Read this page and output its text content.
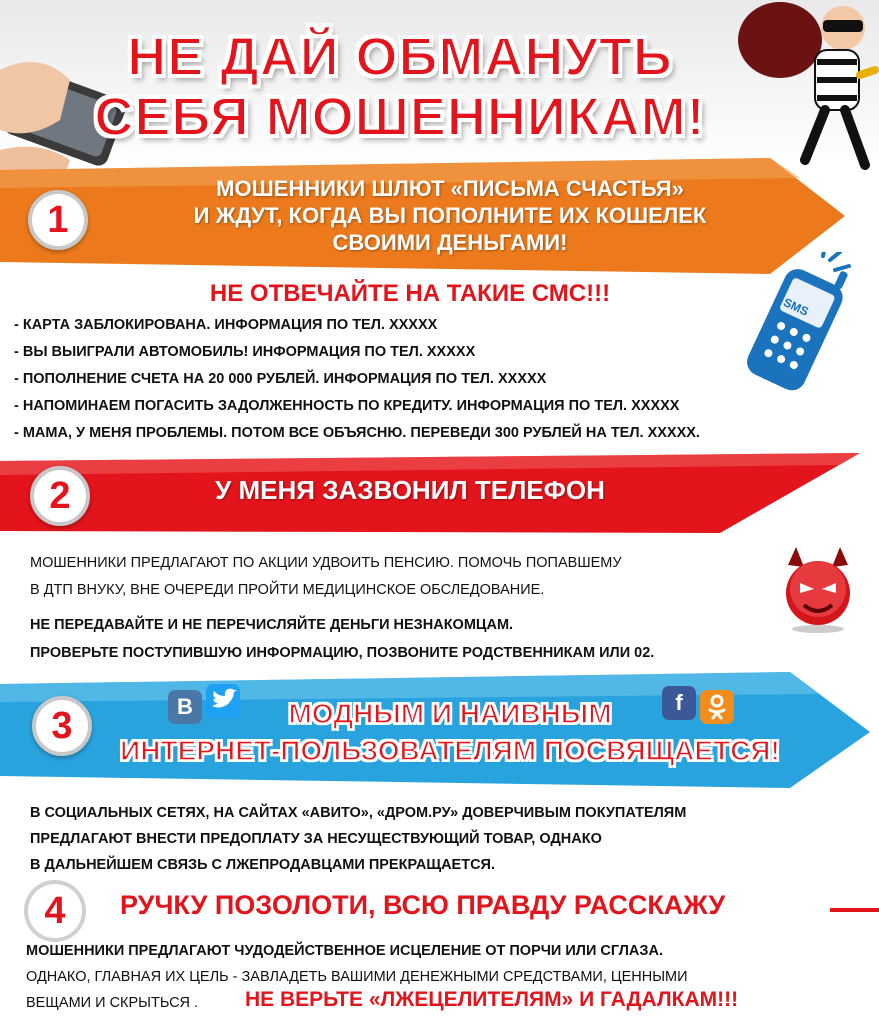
НЕ ДАЙ ОБМАНУТЬ
СЕБЯ МОШЕННИКАМ!
1
МОШЕННИКИ ШЛЮТ «ПИСЬМА СЧАСТЬЯ»
И ЖДУТ, КОГДА ВЫ ПОПОЛНИТЕ ИХ КОШЕЛЕК
СВОИМИ ДЕНЬГАМИ!
НЕ ОТВЕЧАЙТЕ НА ТАКИЕ СМС!!!
- КАРТА ЗАБЛОКИРОВАНА. ИНФОРМАЦИЯ ПО ТЕЛ. XXXXX
- ВЫ ВЫИГРАЛИ АВТОМОБИЛЬ! ИНФОРМАЦИЯ ПО ТЕЛ. XXXXX
- ПОПОЛНЕНИЕ СЧЕТА НА 20 000 РУБЛЕЙ. ИНФОРМАЦИЯ ПО ТЕЛ. XXXXX
- НАПОМИНАЕМ ПОГАСИТЬ ЗАДОЛЖЕННОСТЬ ПО КРЕДИТУ. ИНФОРМАЦИЯ ПО ТЕЛ. XXXXX
- МАМА, У МЕНЯ ПРОБЛЕМЫ. ПОТОМ ВСЕ ОБЪЯСНЮ. ПЕРЕВЕДИ 300 РУБЛЕЙ НА ТЕЛ. XXXXX.
SMS
2	У МЕНЯ ЗАЗВОНИЛ ТЕЛЕФОН
МОШЕННИКИ ПРЕДЛАГАЮТ ПО АКЦИИ УДВОИТЬ ПЕНСИЮ. ПОМОЧЬ ПОПАВШЕМУ
В ДТП ВНУКУ, ВНЕ ОЧЕРЕДИ ПРОЙТИ МЕДИЦИНСКОЕ ОБСЛЕДОВАНИЕ.
НЕ ПЕРЕДАВАЙТЕ И НЕ ПЕРЕЧИСЛЯЙТЕ ДЕНЬГИ НЕЗНАКОМЦАМ.
ПРОВЕРЬТЕ ПОСТУПИВШУЮ ИНФОРМАЦИЮ, ПОЗВОНИТЕ РОДСТВЕННИКАМ ИЛИ 02.
3	В	f
МОДНЫМ И НАИВНЫМ
ИНТЕРНЕТ-ПОЛЬЗОВАТЕЛЯМ ПОСВЯЩАЕТСЯ!
В СОЦИАЛЬНЫХ СЕТЯХ, НА САЙТАХ «АВИТО», «ДРОМ.РУ» ДОВЕРЧИВЫМ ПОКУПАТЕЛЯМ
ПРЕДЛАГАЮТ ВНЕСТИ ПРЕДОПЛАТУ ЗА НЕСУЩЕСТВУЮЩИЙ ТОВАР, ОДНАКО
В ДАЛЬНЕЙШЕМ СВЯЗЬ С ЛЖЕПРОДАВЦАМИ ПРЕКРАЩАЕТСЯ.
4	РУЧКУ ПОЗОЛОТИ, ВСЮ ПРАВДУ РАССКАЖУ
МОШЕННИКИ ПРЕДЛАГАЮТ ЧУДОДЕЙСТВЕННОЕ ИСЦЕЛЕНИЕ ОТ ПОРЧИ ИЛИ СГЛАЗА.
ОДНАКО, ГЛАВНАЯ ИХ ЦЕЛЬ - ЗАВЛАДЕТЬ ВАШИМИ ДЕНЕЖНЫМИ СРЕДСТВАМИ, ЦЕННЫМИ
ВЕЩАМИ И СКРЫТЬСЯ . НЕ ВЕРЬТЕ «ЛЖЕЦЕЛИТЕЛЯМ» И ГАДАЛКАМ!!!
